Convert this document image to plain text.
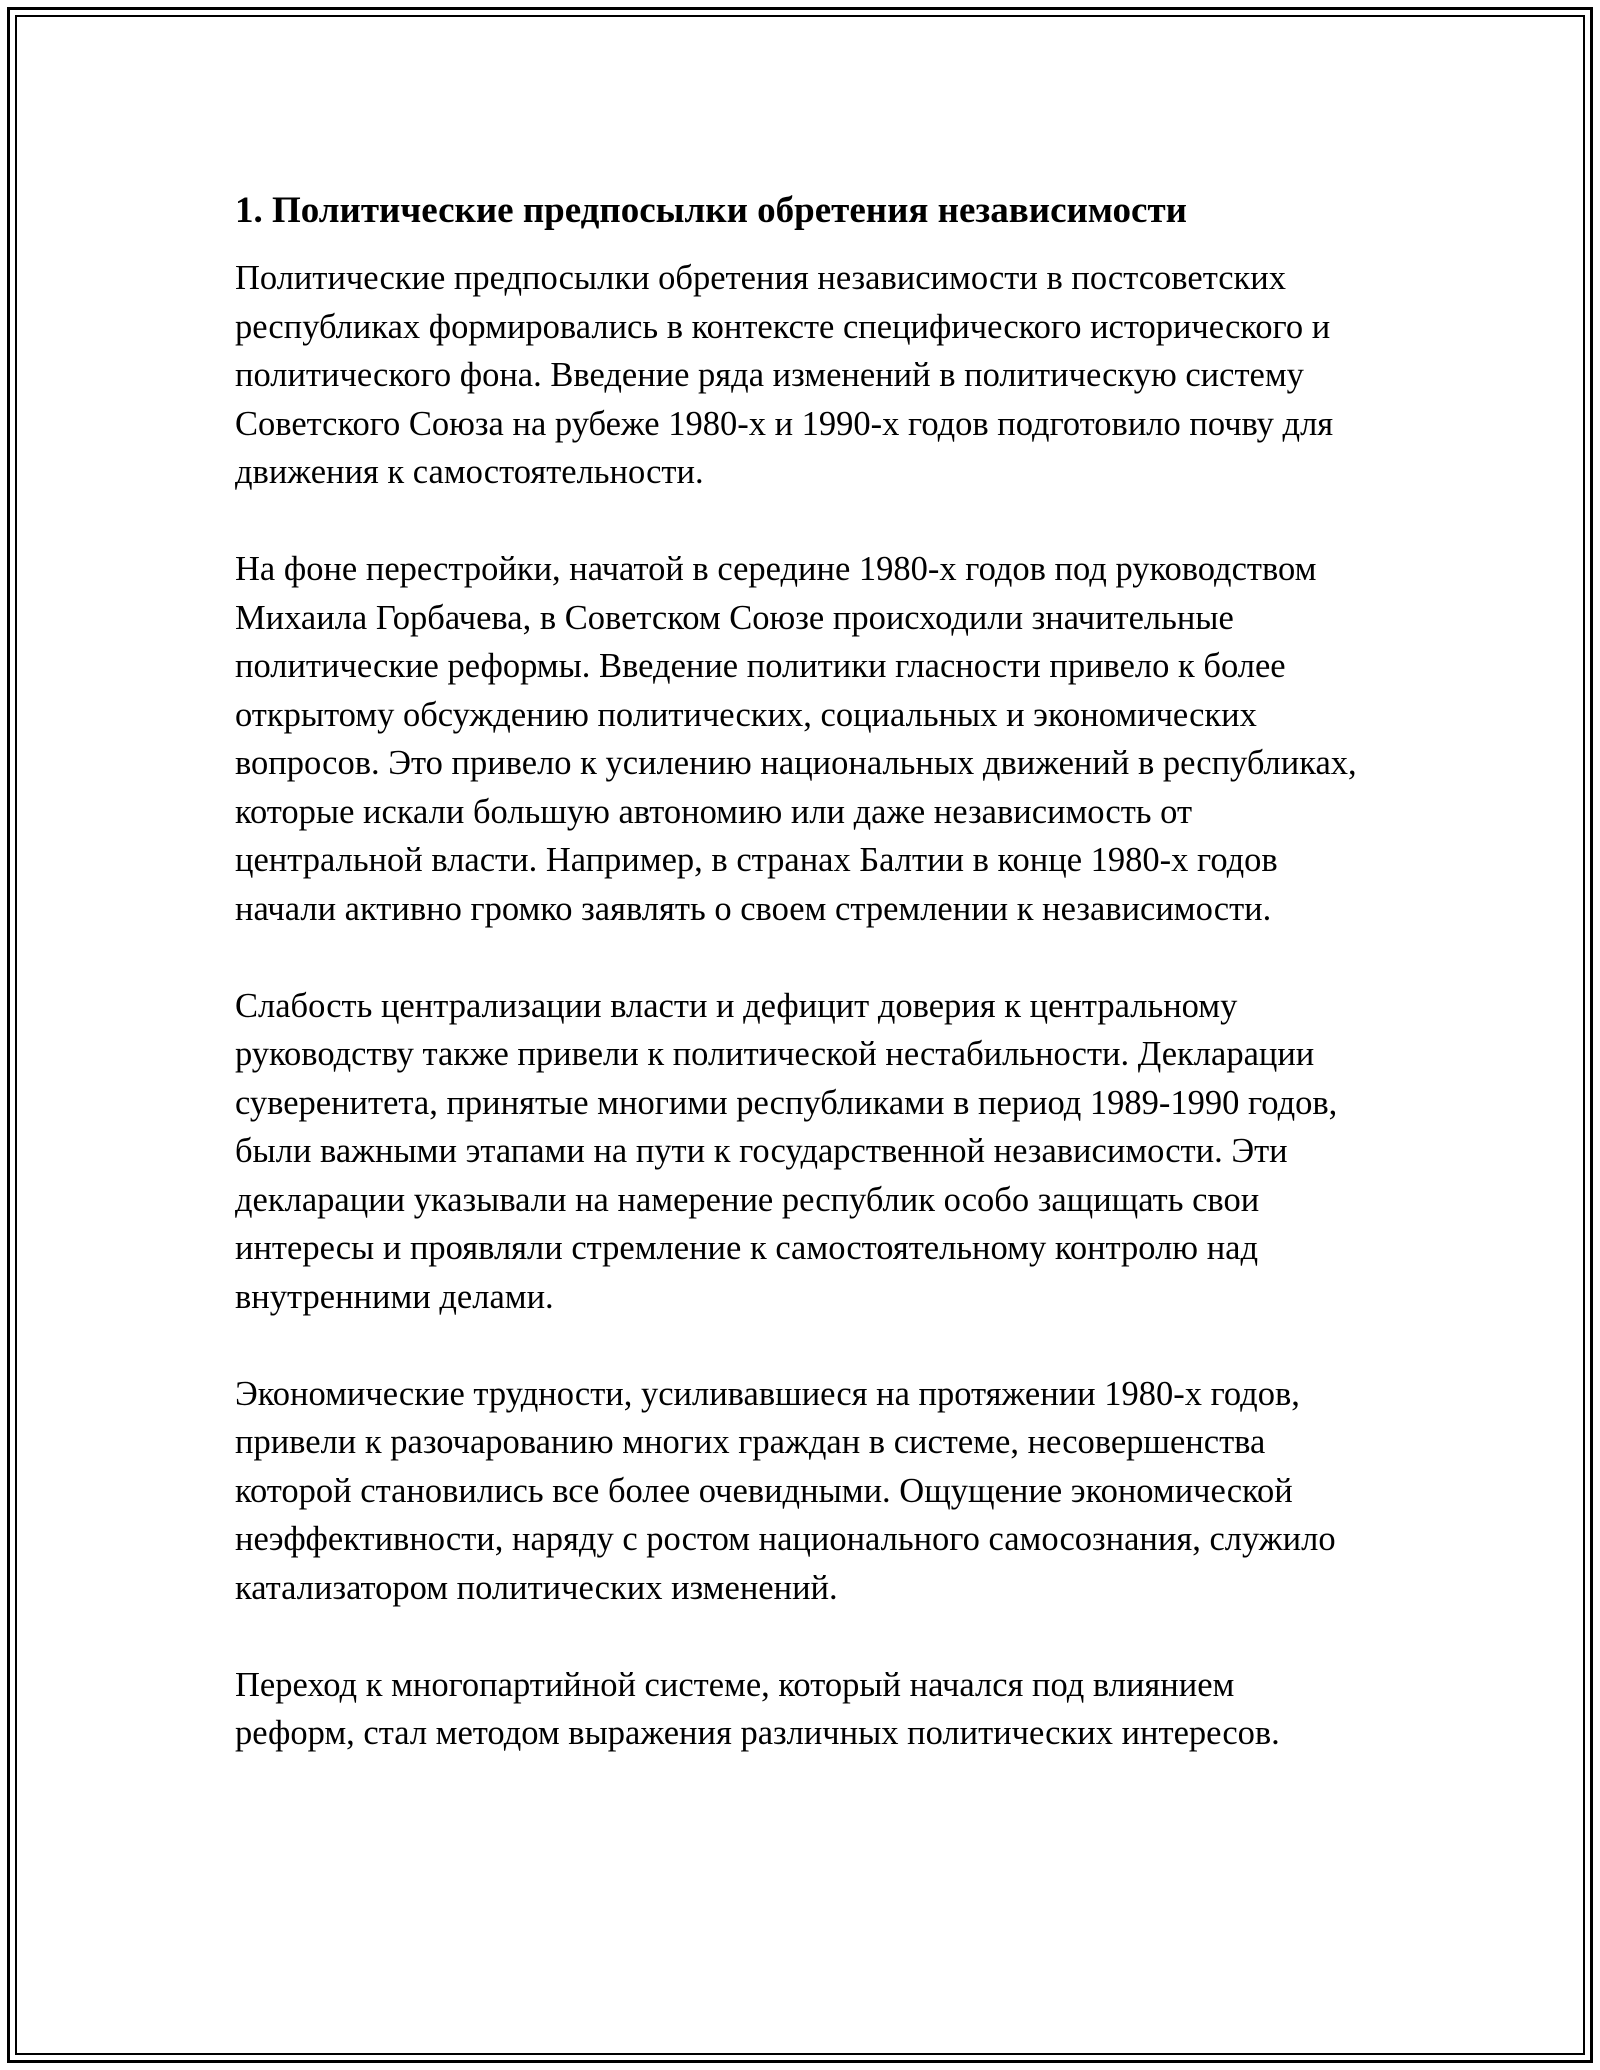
1. Политические предпосылки обретения независимости

Политические предпосылки обретения независимости в постсоветских республиках формировались в контексте специфического исторического и политического фона. Введение ряда изменений в политическую систему Советского Союза на рубеже 1980-х и 1990-х годов подготовило почву для движения к самостоятельности.

На фоне перестройки, начатой в середине 1980-х годов под руководством Михаила Горбачева, в Советском Союзе происходили значительные политические реформы. Введение политики гласности привело к более открытому обсуждению политических, социальных и экономических вопросов. Это привело к усилению национальных движений в республиках, которые искали большую автономию или даже независимость от центральной власти. Например, в странах Балтии в конце 1980-х годов начали активно громко заявлять о своем стремлении к независимости.

Слабость централизации власти и дефицит доверия к центральному руководству также привели к политической нестабильности. Декларации суверенитета, принятые многими республиками в период 1989-1990 годов, были важными этапами на пути к государственной независимости. Эти декларации указывали на намерение республик особо защищать свои интересы и проявляли стремление к самостоятельному контролю над внутренними делами.

Экономические трудности, усиливавшиеся на протяжении 1980-х годов, привели к разочарованию многих граждан в системе, несовершенства которой становились все более очевидными. Ощущение экономической неэффективности, наряду с ростом национального самосознания, служило катализатором политических изменений.

Переход к многопартийной системе, который начался под влиянием реформ, стал методом выражения различных политических интересов.
